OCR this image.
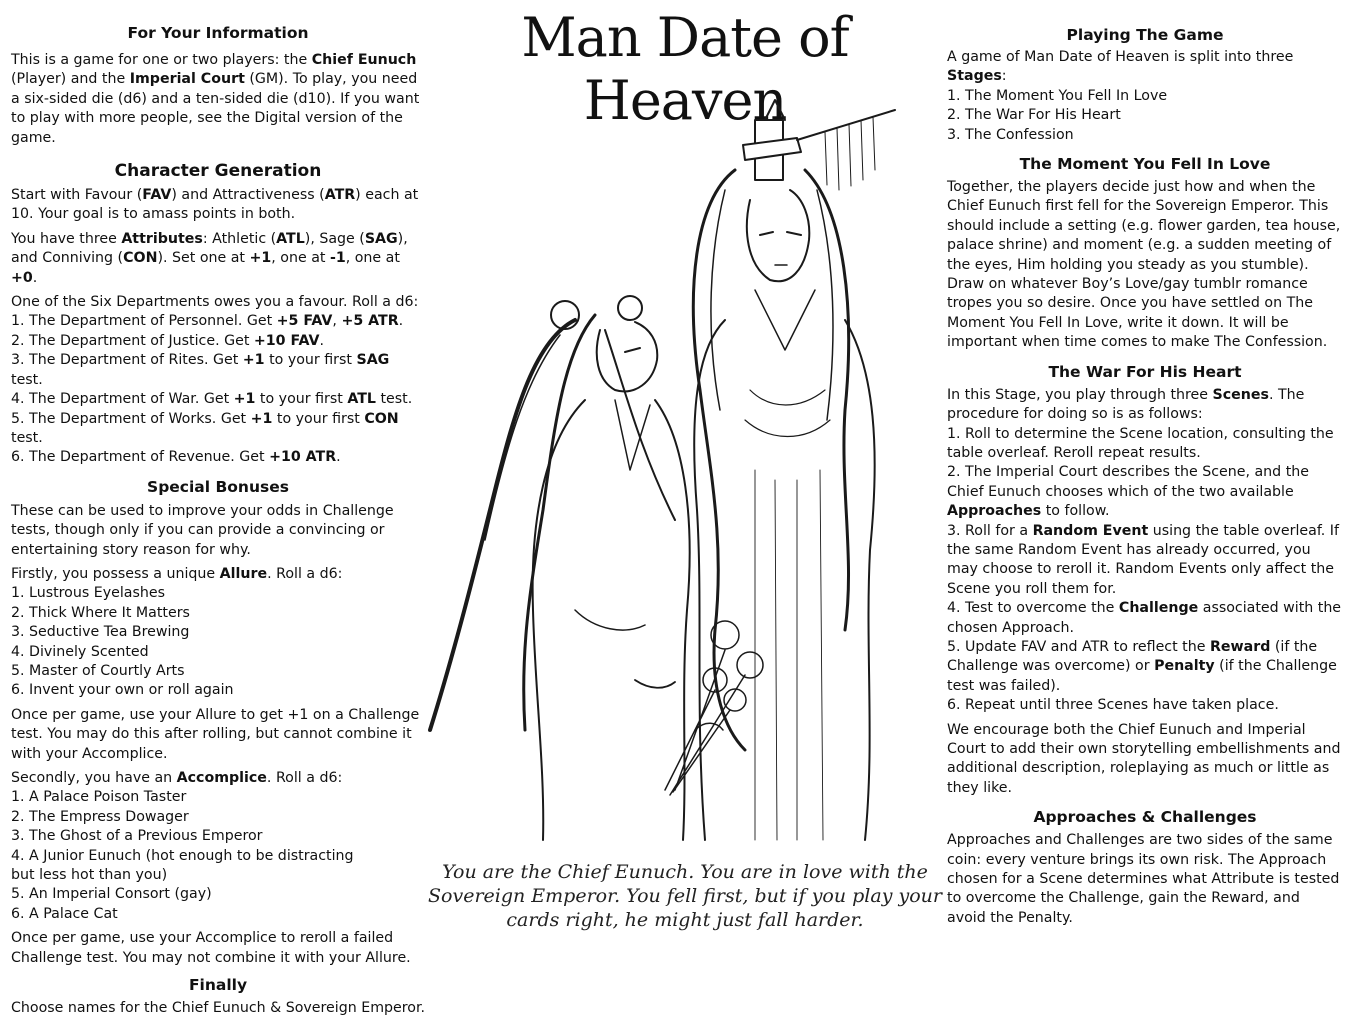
For Your Information

This is a game for one or two players: the Chief Eunuch (Player) and the Imperial Court (GM). To play, you need a six-sided die (d6) and a ten-sided die (d10). If you want to play with more people, see the Digital version of the game.

Character Generation

Start with Favour (FAV) and Attractiveness (ATR) each at 10. Your goal is to amass points in both.

You have three Attributes: Athletic (ATL), Sage (SAG), and Conniving (CON). Set one at +1, one at -1, one at +0.

One of the Six Departments owes you a favour. Roll a d6:

1. The Department of Personnel. Get +5 FAV, +5 ATR.
2. The Department of Justice. Get +10 FAV.
3. The Department of Rites. Get +1 to your first SAG test.
4. The Department of War. Get +1 to your first ATL test.
5. The Department of Works. Get +1 to your first CON test.
6. The Department of Revenue. Get +10 ATR.
Special Bonuses

These can be used to improve your odds in Challenge tests, though only if you can provide a convincing or entertaining story reason for why.

Firstly, you possess a unique Allure. Roll a d6:

1. Lustrous Eyelashes
2. Thick Where It Matters
3. Seductive Tea Brewing
4. Divinely Scented
5. Master of Courtly Arts
6. Invent your own or roll again

Once per game, use your Allure to get +1 on a Challenge test. You may do this after rolling, but cannot combine it with your Accomplice.

Secondly, you have an Accomplice. Roll a d6:

1. A Palace Poison Taster
2. The Empress Dowager
3. The Ghost of a Previous Emperor
4. A Junior Eunuch (hot enough to be distracting
but less hot than you)
5. An Imperial Consort (gay)
6. A Palace Cat

Once per game, use your Accomplice to reroll a failed Challenge test. You may not combine it with your Allure.

Finally

Choose names for the Chief Eunuch & Sovereign Emperor.

Man Date of Heaven
You are the Chief Eunuch. You are in love with the Sovereign Emperor. You fell first, but if you play your cards right, he might just fall harder.
Playing The Game

A game of Man Date of Heaven is split into three Stages:

1. The Moment You Fell In Love
2. The War For His Heart
3. The Confession
The Moment You Fell In Love

Together, the players decide just how and when the Chief Eunuch first fell for the Sovereign Emperor. This should include a setting (e.g. flower garden, tea house, palace shrine) and moment (e.g. a sudden meeting of the eyes, Him holding you steady as you stumble). Draw on whatever Boy’s Love/gay tumblr romance tropes you so desire. Once you have settled on The Moment You Fell In Love, write it down. It will be important when time comes to make The Confession.

The War For His Heart

In this Stage, you play through three Scenes. The procedure for doing so is as follows:

1. Roll to determine the Scene location, consulting the table overleaf. Reroll repeat results.
2. The Imperial Court describes the Scene, and the Chief Eunuch chooses which of the two available Approaches to follow.
3. Roll for a Random Event using the table overleaf. If the same Random Event has already occurred, you may choose to reroll it. Random Events only affect the Scene you roll them for.
4. Test to overcome the Challenge associated with the chosen Approach.
5. Update FAV and ATR to reflect the Reward (if the Challenge was overcome) or Penalty (if the Challenge test was failed).
6. Repeat until three Scenes have taken place.

We encourage both the Chief Eunuch and Imperial Court to add their own storytelling embellishments and additional description, roleplaying as much or little as they like.

Approaches & Challenges

Approaches and Challenges are two sides of the same coin: every venture brings its own risk. The Approach chosen for a Scene determines what Attribute is tested to overcome the Challenge, gain the Reward, and avoid the Penalty.
